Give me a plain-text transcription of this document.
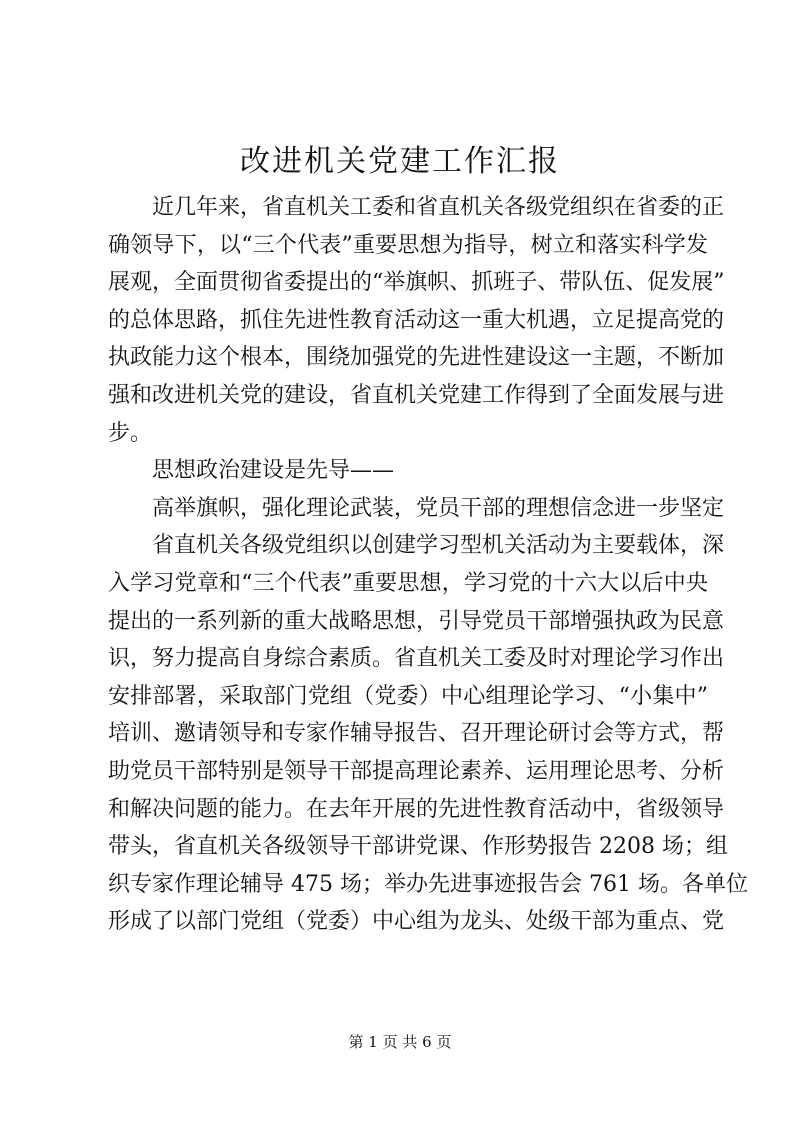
改进机关党建工作汇报
近几年来，省直机关工委和省直机关各级党组织在省委的正
确领导下，以“三个代表”重要思想为指导，树立和落实科学发
展观，全面贯彻省委提出的“举旗帜、抓班子、带队伍、促发展”
的总体思路，抓住先进性教育活动这一重大机遇，立足提高党的
执政能力这个根本，围绕加强党的先进性建设这一主题，不断加
强和改进机关党的建设，省直机关党建工作得到了全面发展与进
步。
思想政治建设是先导——
高举旗帜，强化理论武装，党员干部的理想信念进一步坚定
省直机关各级党组织以创建学习型机关活动为主要载体，深
入学习党章和“三个代表”重要思想，学习党的十六大以后中央
提出的一系列新的重大战略思想，引导党员干部增强执政为民意
识，努力提高自身综合素质。省直机关工委及时对理论学习作出
安排部署，采取部门党组（党委）中心组理论学习、“小集中”
培训、邀请领导和专家作辅导报告、召开理论研讨会等方式，帮
助党员干部特别是领导干部提高理论素养、运用理论思考、分析
和解决问题的能力。在去年开展的先进性教育活动中，省级领导
带头，省直机关各级领导干部讲党课、作形势报告 2208 场；组
织专家作理论辅导 475 场；举办先进事迹报告会 761 场。各单位
形成了以部门党组（党委）中心组为龙头、处级干部为重点、党
第 1 页 共 6 页
